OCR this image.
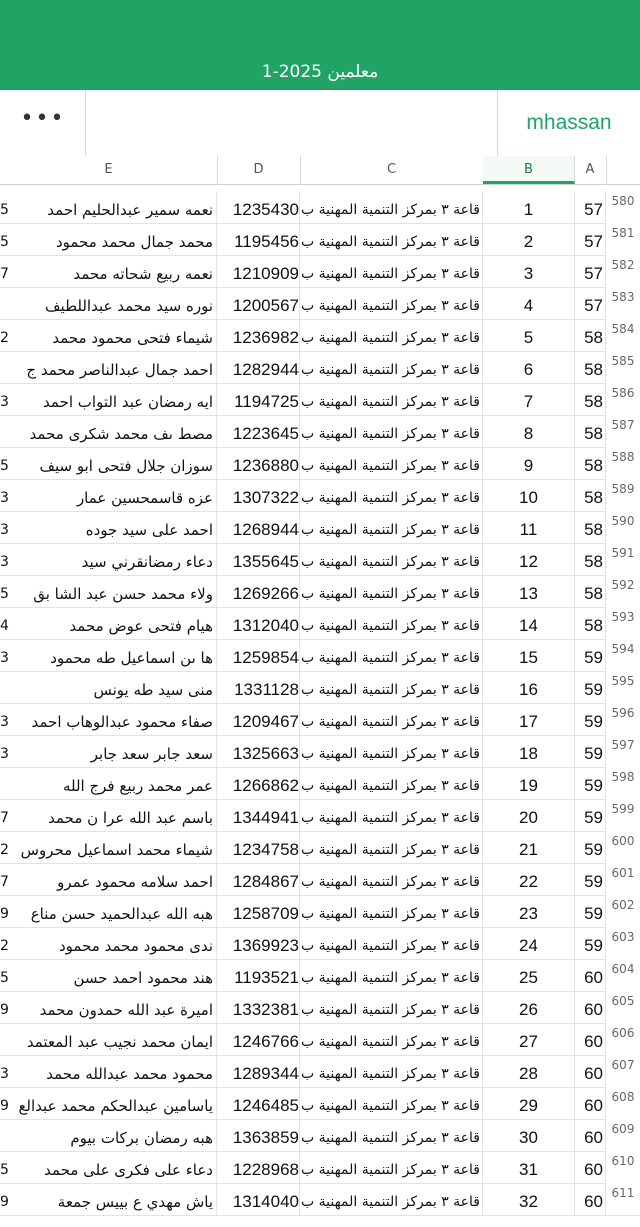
معلمين 2025-1
•••	mhassan
E	D	C	B	A
5	نعمه سمير عبدالحليم احمد	1235430 قاعة ٣ بمركز التنمية المهنية ب	1	57 580
5	محمد جمال محمد محمود	1195456 قاعة ٣ بمركز التنمية المهنية ب	2	57 581
7	نعمه ربيع شحاته محمد	1210909 قاعة ٣ بمركز التنمية المهنية ب	3	57 582
نوره سيد محمد عبداللطيف	1200567 قاعة ٣ بمركز التنمية المهنية ب	4	57 583
2	شيماء فتحى محمود محمد	1236982 قاعة ٣ بمركز التنمية المهنية ب	5	58 584
احمد جمال عبدالناصر محمد ج	1282944 قاعة ٣ بمركز التنمية المهنية ب	6	58 585
3	ايه رمضان عبد التواب احمد	1194725 قاعة ٣ بمركز التنمية المهنية ب	7	58 586
مصط ىف محمد شكرى محمد	1223645 قاعة ٣ بمركز التنمية المهنية ب	8	58 587
5	سوزان جلال فتحى ابو سيف	1236880 قاعة ٣ بمركز التنمية المهنية ب	9	58 588
3	عزه قاسمحسين عمار	1307322 قاعة ٣ بمركز التنمية المهنية ب	10	58 589
3	احمد على سيد جوده	1268944 قاعة ٣ بمركز التنمية المهنية ب	11	58 590
3	دعاء رمضانقرني سيد	1355645 قاعة ٣ بمركز التنمية المهنية ب	12	58 591
5	ولاء محمد حسن عبد الشا بق	1269266 قاعة ٣ بمركز التنمية المهنية ب	13	58 592
4	هيام فتحى عوض محمد	1312040 قاعة ٣ بمركز التنمية المهنية ب	14	58 593
3	ها ىن اسماعيل طه محمود	1259854 قاعة ٣ بمركز التنمية المهنية ب	15	59 594
منى سيد طه يونس	1331128 قاعة ٣ بمركز التنمية المهنية ب	16	59 595
3	صفاء محمود عبدالوهاب احمد	1209467 قاعة ٣ بمركز التنمية المهنية ب	17	59 596
3	سعد جابر سعد جابر	1325663 قاعة ٣ بمركز التنمية المهنية ب	18	59 597
عمر محمد ربيع فرج الله	1266862 قاعة ٣ بمركز التنمية المهنية ب	19	59 598
7	باسم عبد الله عرا ن محمد	1344941 قاعة ٣ بمركز التنمية المهنية ب	20	59 599
2 شيماء محمد اسماعيل محروس	1234758 قاعة ٣ بمركز التنمية المهنية ب	21	59 600
7	احمد سلامه محمود عمرو	1284867 قاعة ٣ بمركز التنمية المهنية ب	22	59 601
9	هبه الله عبدالحميد حسن مناع	1258709 قاعة ٣ بمركز التنمية المهنية ب	23	59 602
2	ندى محمود محمد محمود	1369923 قاعة ٣ بمركز التنمية المهنية ب	24	59 603
5	هند محمود احمد حسن	1193521 قاعة ٣ بمركز التنمية المهنية ب	25	60 604
9	اميرة عبد الله حمدون محمد	1332381 قاعة ٣ بمركز التنمية المهنية ب	26	60 605
ايمان محمد نجيب عبد المعتمد	1246766 قاعة ٣ بمركز التنمية المهنية ب	27	60 606
3	محمود محمد عبدالله محمد	1289344 قاعة ٣ بمركز التنمية المهنية ب	28	60 607
9 ياسامين عبدالحكم محمد عبدالع	1246485 قاعة ٣ بمركز التنمية المهنية ب	29	60 608
هبه رمضان بركات بيوم	1363859 قاعة ٣ بمركز التنمية المهنية ب	30	60 609
5	دعاء على فكرى على محمد	1228968 قاعة ٣ بمركز التنمية المهنية ب	31	60 610
9	ياش مهدي ع بييس جمعة	1314040 قاعة ٣ بمركز التنمية المهنية ب	32	60 611
